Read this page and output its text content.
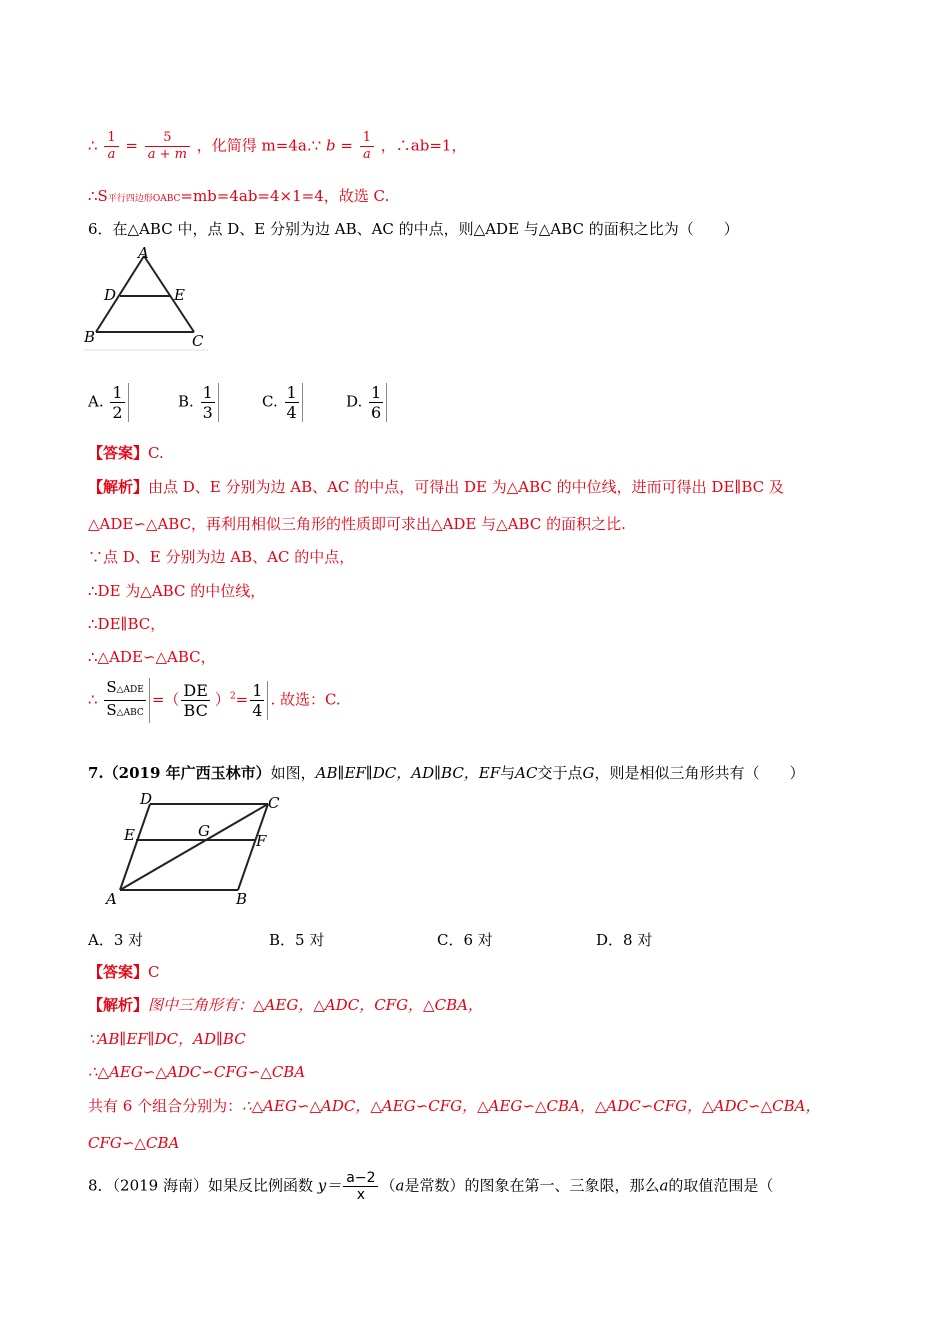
∴ $\frac{1}{a} = \frac{5}{a + m}$ ，化简得 m=4a.∵ $b = \frac{1}{a}$ ，∴ab=1，
∴S平行四边形OABC=mb=4ab=4×1=4，故选 C.
6．在△ABC 中，点 D、E 分别为边 AB、AC 的中点，则△ADE 与△ABC 的面积之比为（　　）
A
D	E
B	C
A. $\frac{1}{2}$	B. $\frac{1}{3}$	C. $\frac{1}{4}$	D. $\frac{1}{6}$
【答案】C.
【解析】由点 D、E 分别为边 AB、AC 的中点，可得出 DE 为△ABC 的中位线，进而可得出 DE∥BC 及
△ADE∽△ABC，再利用相似三角形的性质即可求出△ADE 与△ABC 的面积之比.
∵点 D、E 分别为边 AB、AC 的中点，
∴DE 为△ABC 的中位线，
∴DE∥BC，
∴△ADE∽△ABC，
∴ $\frac{\text{S△ADE}}{\text{S△ABC}}$ =（ $\frac{DE}{BC} )^2= \frac{1}{4}$ . 故选：C.
7.（2019 年广西玉林市）如图，AB∥EF∥DC，AD∥BC，EF与AC交于点G，则是相似三角形共有（　　）
D	C
E	G
F
A	B
A．3 对	B．5 对	C．6 对	D．8 对
【答案】C
【解析】图中三角形有：△AEG，△ADC，CFG，△CBA，
∵AB∥EF∥DC，AD∥BC
∴△AEG∽△ADC∽CFG∽△CBA
共有 6 个组合分别为：∴△AEG∽△ADC，△AEG∽CFG，△AEG∽△CBA，△ADC∽CFG，△ADC∽△CBA，
CFG∽△CBA
8．（2019 海南）如果反比例函数 $y= \frac{a-2}{x} (a$是常数）的图象在第一、三象限，那么a的取值范围是（
